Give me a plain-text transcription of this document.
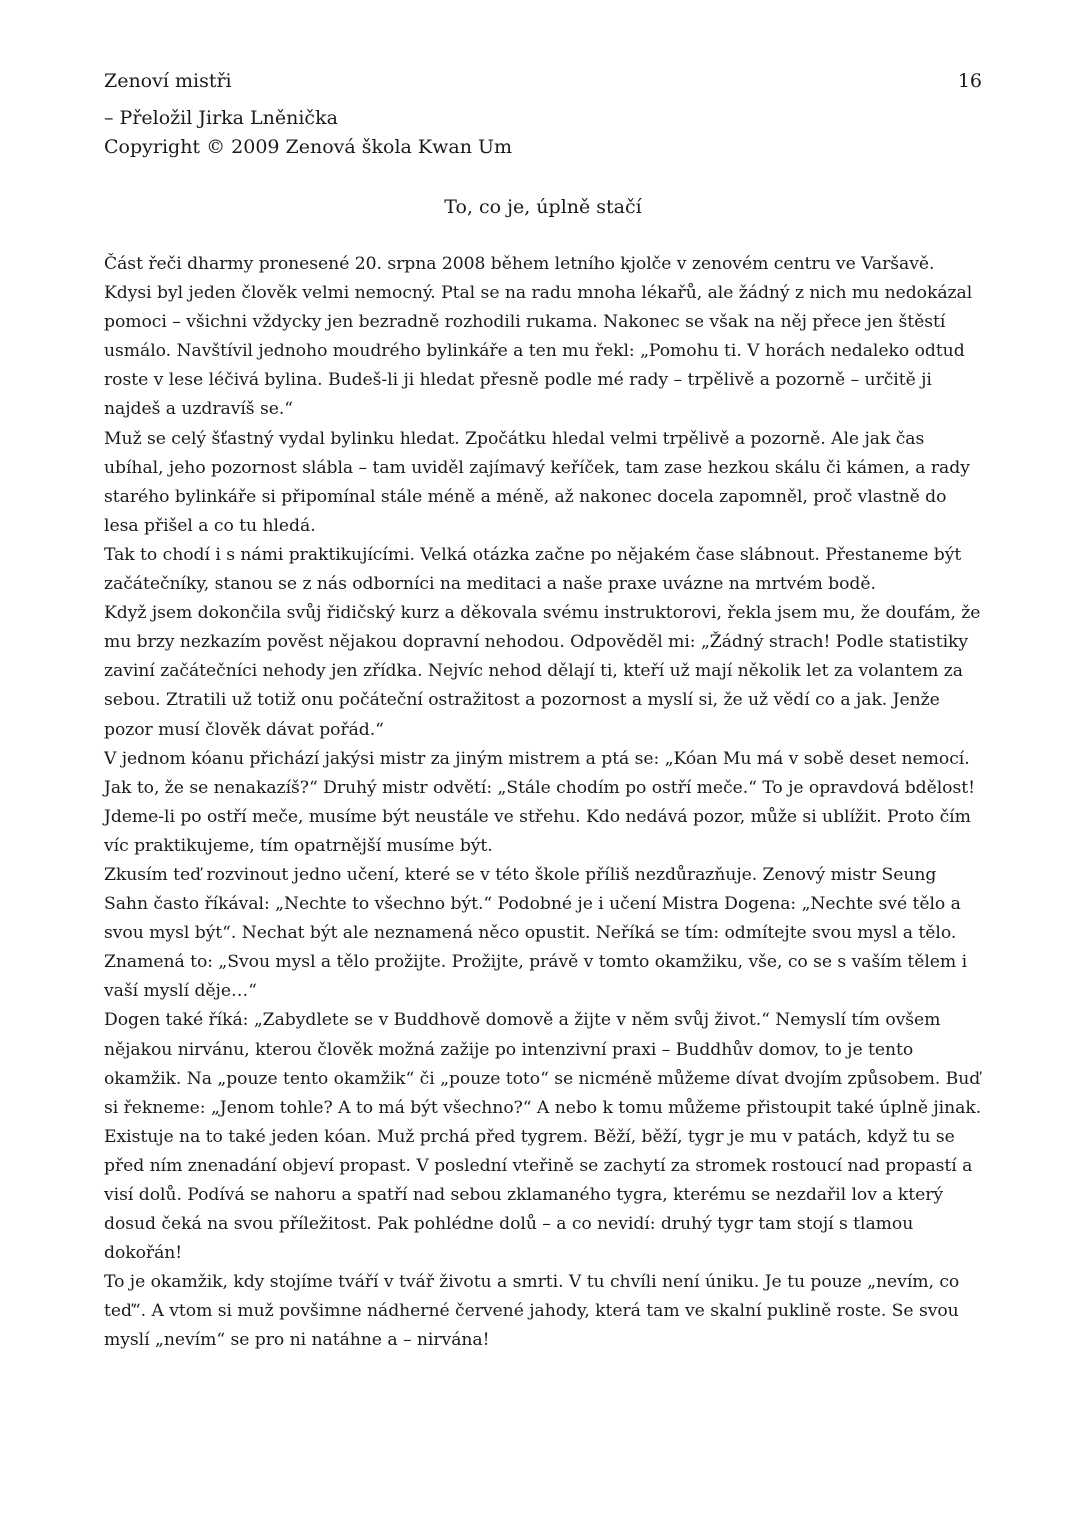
Zenoví mistři	16
– Přeložil Jirka Lněnička
Copyright © 2009 Zenová škola Kwan Um
To, co je, úplně stačí

Část řeči dharmy pronesené 20. srpna 2008 během letního kjolče v zenovém centru ve Varšavě.

Kdysi byl jeden člověk velmi nemocný. Ptal se na radu mnoha lékařů, ale žádný z nich mu nedokázal pomoci – všichni vždycky jen bezradně rozhodili rukama. Nakonec se však na něj přece jen štěstí usmálo. Navštívil jednoho moudrého bylinkáře a ten mu řekl: „Pomohu ti. V horách nedaleko odtud roste v lese léčivá bylina. Budeš-li ji hledat přesně podle mé rady – trpělivě a pozorně – určitě ji najdeš a uzdravíš se.“

Muž se celý šťastný vydal bylinku hledat. Zpočátku hledal velmi trpělivě a pozorně. Ale jak čas ubíhal, jeho pozornost slábla – tam uviděl zajímavý keříček, tam zase hezkou skálu či kámen, a rady starého bylinkáře si připomínal stále méně a méně, až nakonec docela zapomněl, proč vlastně do lesa přišel a co tu hledá.

Tak to chodí i s námi praktikujícími. Velká otázka začne po nějakém čase slábnout. Přestaneme být začátečníky, stanou se z nás odborníci na meditaci a naše praxe uvázne na mrtvém bodě.

Když jsem dokončila svůj řidičský kurz a děkovala svému instruktorovi, řekla jsem mu, že doufám, že mu brzy nezkazím pověst nějakou dopravní nehodou. Odpověděl mi: „Žádný strach! Podle statistiky zaviní začátečníci nehody jen zřídka. Nejvíc nehod dělají ti, kteří už mají několik let za volantem za sebou. Ztratili už totiž onu počáteční ostražitost a pozornost a myslí si, že už vědí co a jak. Jenže pozor musí člověk dávat pořád.“

V jednom kóanu přichází jakýsi mistr za jiným mistrem a ptá se: „Kóan Mu má v sobě deset nemocí. Jak to, že se nenakazíš?“ Druhý mistr odvětí: „Stále chodím po ostří meče.“ To je opravdová bdělost! Jdeme-li po ostří meče, musíme být neustále ve střehu. Kdo nedává pozor, může si ublížit. Proto čím víc praktikujeme, tím opatrnější musíme být.

Zkusím teď rozvinout jedno učení, které se v této škole příliš nezdůrazňuje. Zenový mistr Seung Sahn často říkával: „Nechte to všechno být.“ Podobné je i učení Mistra Dogena: „Nechte své tělo a svou mysl být“. Nechat být ale neznamená něco opustit. Neříká se tím: odmítejte svou mysl a tělo. Znamená to: „Svou mysl a tělo prožijte. Prožijte, právě v tomto okamžiku, vše, co se s vaším tělem i vaší myslí děje…“

Dogen také říká: „Zabydlete se v Buddhově domově a žijte v něm svůj život.“ Nemyslí tím ovšem nějakou nirvánu, kterou člověk možná zažije po intenzivní praxi – Buddhův domov, to je tento okamžik. Na „pouze tento okamžik“ či „pouze toto“ se nicméně můžeme dívat dvojím způsobem. Buď si řekneme: „Jenom tohle? A to má být všechno?“ A nebo k tomu můžeme přistoupit také úplně jinak.

Existuje na to také jeden kóan. Muž prchá před tygrem. Běží, běží, tygr je mu v patách, když tu se před ním znenadání objeví propast. V poslední vteřině se zachytí za stromek rostoucí nad propastí a visí dolů. Podívá se nahoru a spatří nad sebou zklamaného tygra, kterému se nezdařil lov a který dosud čeká na svou příležitost. Pak pohlédne dolů – a co nevidí: druhý tygr tam stojí s tlamou dokořán!

To je okamžik, kdy stojíme tváří v tvář životu a smrti. V tu chvíli není úniku. Je tu pouze „nevím, co teď“. A vtom si muž povšimne nádherné červené jahody, která tam ve skalní puklině roste. Se svou myslí „nevím“ se pro ni natáhne a – nirvána!
